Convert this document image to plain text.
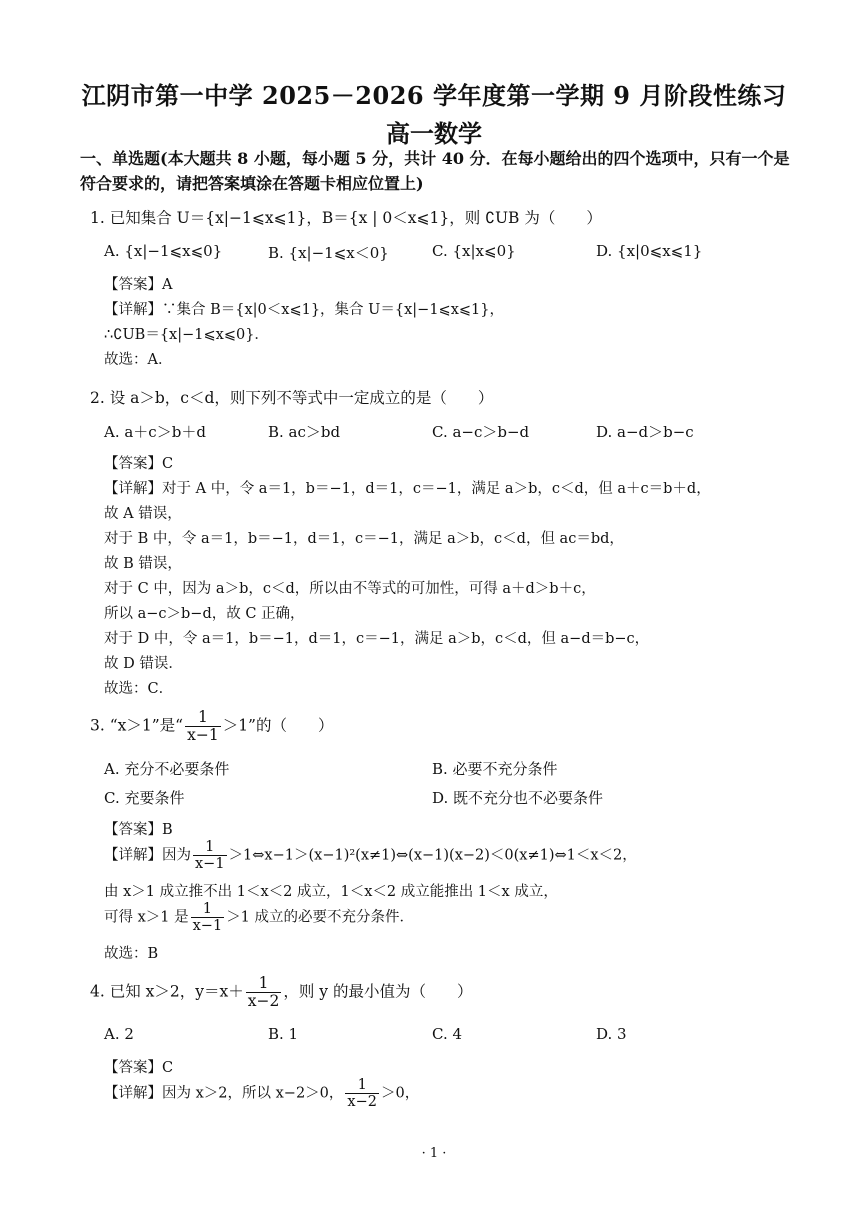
江阴市第一中学 2025－2026 学年度第一学期 9 月阶段性练习
高一数学
一、单选题(本大题共 8 小题，每小题 5 分，共计 40 分．在每小题给出的四个选项中，只有一个是符合要求的，请把答案填涂在答题卡相应位置上)
1. 已知集合 U＝{x|−1⩽x⩽1}，B＝{x | 0＜x⩽1}，则 ∁UB 为（　　）
A. {x|−1⩽x⩽0}	B. {x|−1⩽x＜0}	C. {x|x⩽0}	D. {x|0⩽x⩽1}
【答案】A
【详解】∵集合 B＝{x|0＜x⩽1}，集合 U＝{x|−1⩽x⩽1}，
∴∁UB＝{x|−1⩽x⩽0}．
故选：A．
2. 设 a＞b，c＜d，则下列不等式中一定成立的是（　　）
A. a＋c＞b＋d	B. ac＞bd	C. a−c＞b−d	D. a−d＞b−c
【答案】C
【详解】对于 A 中，令 a＝1，b＝−1，d＝1，c＝−1，满足 a＞b，c＜d，但 a＋c＝b＋d，
故 A 错误，
对于 B 中，令 a＝1，b＝−1，d＝1，c＝−1，满足 a＞b，c＜d，但 ac＝bd，
故 B 错误，
对于 C 中，因为 a＞b，c＜d，所以由不等式的可加性，可得 a＋d＞b＋c，
所以 a−c＞b−d，故 C 正确，
对于 D 中，令 a＝1，b＝−1，d＝1，c＝−1，满足 a＞b，c＜d，但 a−d＝b−c，
故 D 错误．
故选：C．
3. “x＞1”是“ $\frac{1}{x-1} >1$”的（　　）
A. 充分不必要条件	B. 必要不充分条件
C. 充要条件	D. 既不充分也不必要条件
【答案】B
【详解】因为 $\frac{1}{x-1}$ ＞1⇔x−1＞(x−1)²(x≠1)⇔(x−1)(x−2)＜0(x≠1)⇔1＜x＜2，
由 x＞1 成立推不出 1＜x＜2 成立，1＜x＜2 成立能推出 1＜x 成立，
可得 x＞1 是 $\frac{1}{x-1} >1$ 成立的必要不充分条件．
故选：B
4. 已知 x＞2，$y=x+ \frac{1}{x-2}$ ，则 y 的最小值为（　　）
A. 2	B. 1	C. 4	D. 3
【答案】C
【详解】因为 x＞2，所以 x−2＞0， $\frac{1}{x-2} >0$，
· 1 ·
